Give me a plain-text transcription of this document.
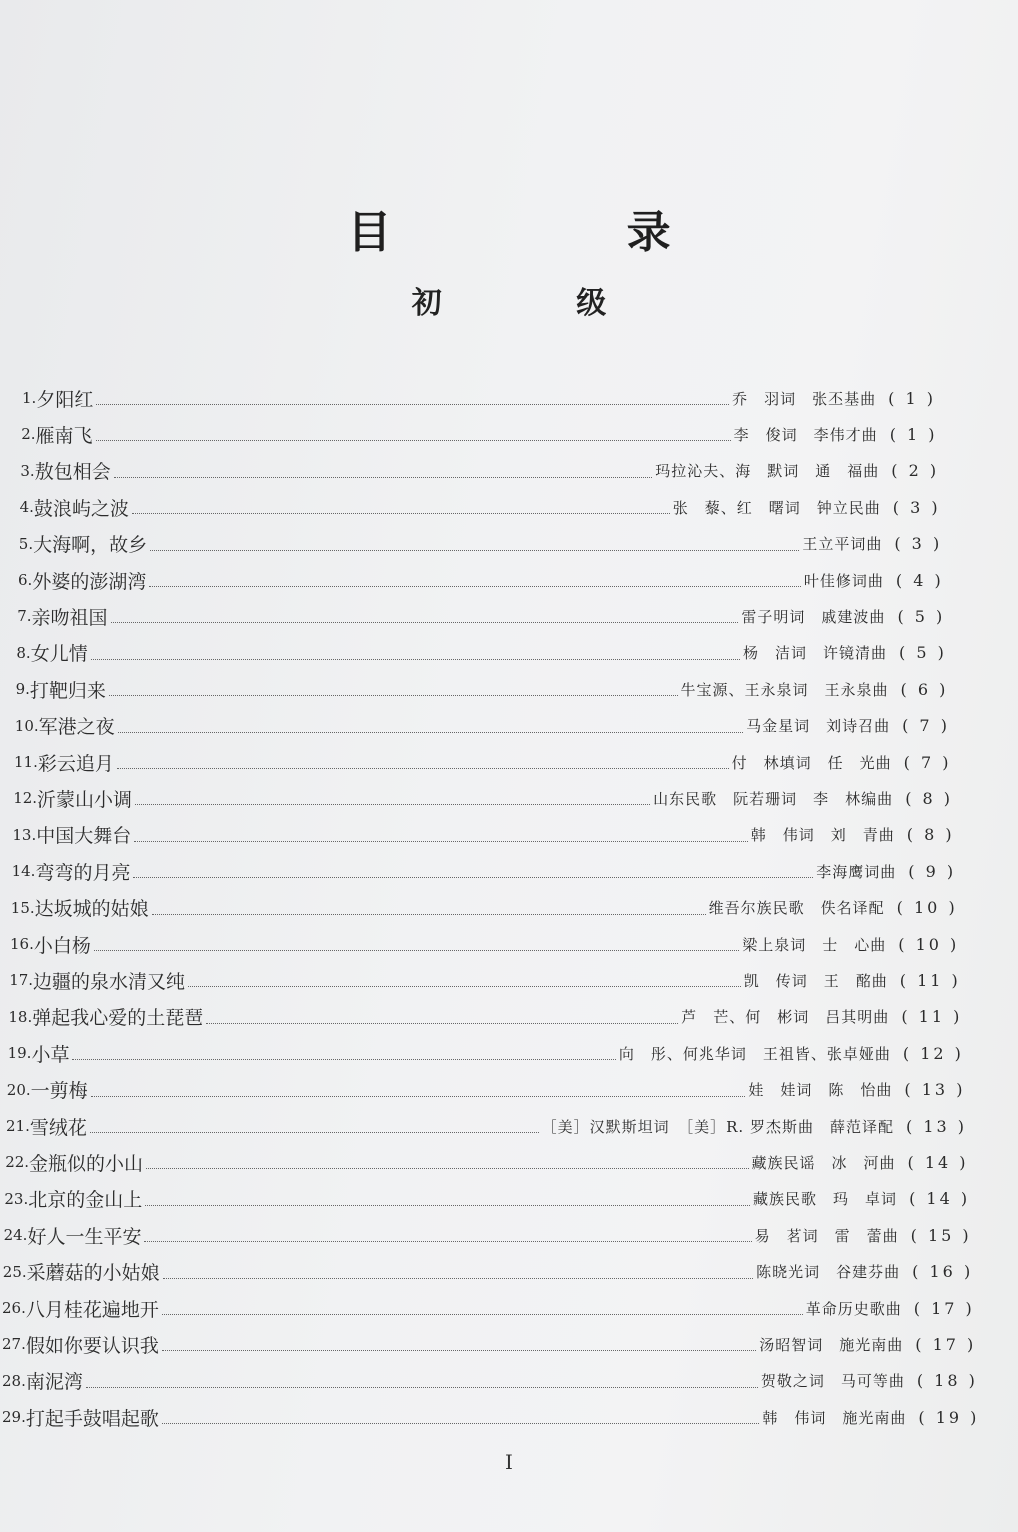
目 录
初 级
1. 夕阳红	乔　羽词　张丕基曲 ( 1 )
2. 雁南飞	李　俊词　李伟才曲 ( 1 )
3. 敖包相会	玛拉沁夫、海　默词　通　福曲 ( 2 )
4. 鼓浪屿之波	张　藜、红　曙词　钟立民曲 ( 3 )
5. 大海啊，故乡	王立平词曲 ( 3 )
6. 外婆的澎湖湾	叶佳修词曲 ( 4 )
7. 亲吻祖国	雷子明词　戚建波曲 ( 5 )
8. 女儿情	杨　洁词　许镜清曲 ( 5 )
9. 打靶归来	牛宝源、王永泉词　王永泉曲 ( 6 )
10. 军港之夜	马金星词　刘诗召曲 ( 7 )
11. 彩云追月	付　林填词　任　光曲 ( 7 )
12. 沂蒙山小调	山东民歌　阮若珊词　李　林编曲 ( 8 )
13. 中国大舞台	韩　伟词　刘　青曲 ( 8 )
14. 弯弯的月亮	李海鹰词曲 ( 9 )
15. 达坂城的姑娘	维吾尔族民歌　佚名译配 ( 10 )
16. 小白杨	梁上泉词　士　心曲 ( 10 )
17. 边疆的泉水清又纯	凯　传词　王　酩曲 ( 11 )
18. 弹起我心爱的土琵琶	芦　芒、何　彬词　吕其明曲 ( 11 )
19. 小草	向　彤、何兆华词　王祖皆、张卓娅曲 ( 12 )
20. 一剪梅	娃　娃词　陈　怡曲 ( 13 )
21. 雪绒花	［美］汉默斯坦词　［美］R. 罗杰斯曲　薛范译配 ( 13 )
22. 金瓶似的小山	藏族民谣　冰　河曲 ( 14 )
23. 北京的金山上	藏族民歌　玛　卓词 ( 14 )
24. 好人一生平安	易　茗词　雷　蕾曲 ( 15 )
25. 采蘑菇的小姑娘	陈晓光词　谷建芬曲 ( 16 )
26. 八月桂花遍地开	革命历史歌曲 ( 17 )
27. 假如你要认识我	汤昭智词　施光南曲 ( 17 )
28. 南泥湾	贺敬之词　马可等曲 ( 18 )
29. 打起手鼓唱起歌	韩　伟词　施光南曲 ( 19 )
I
